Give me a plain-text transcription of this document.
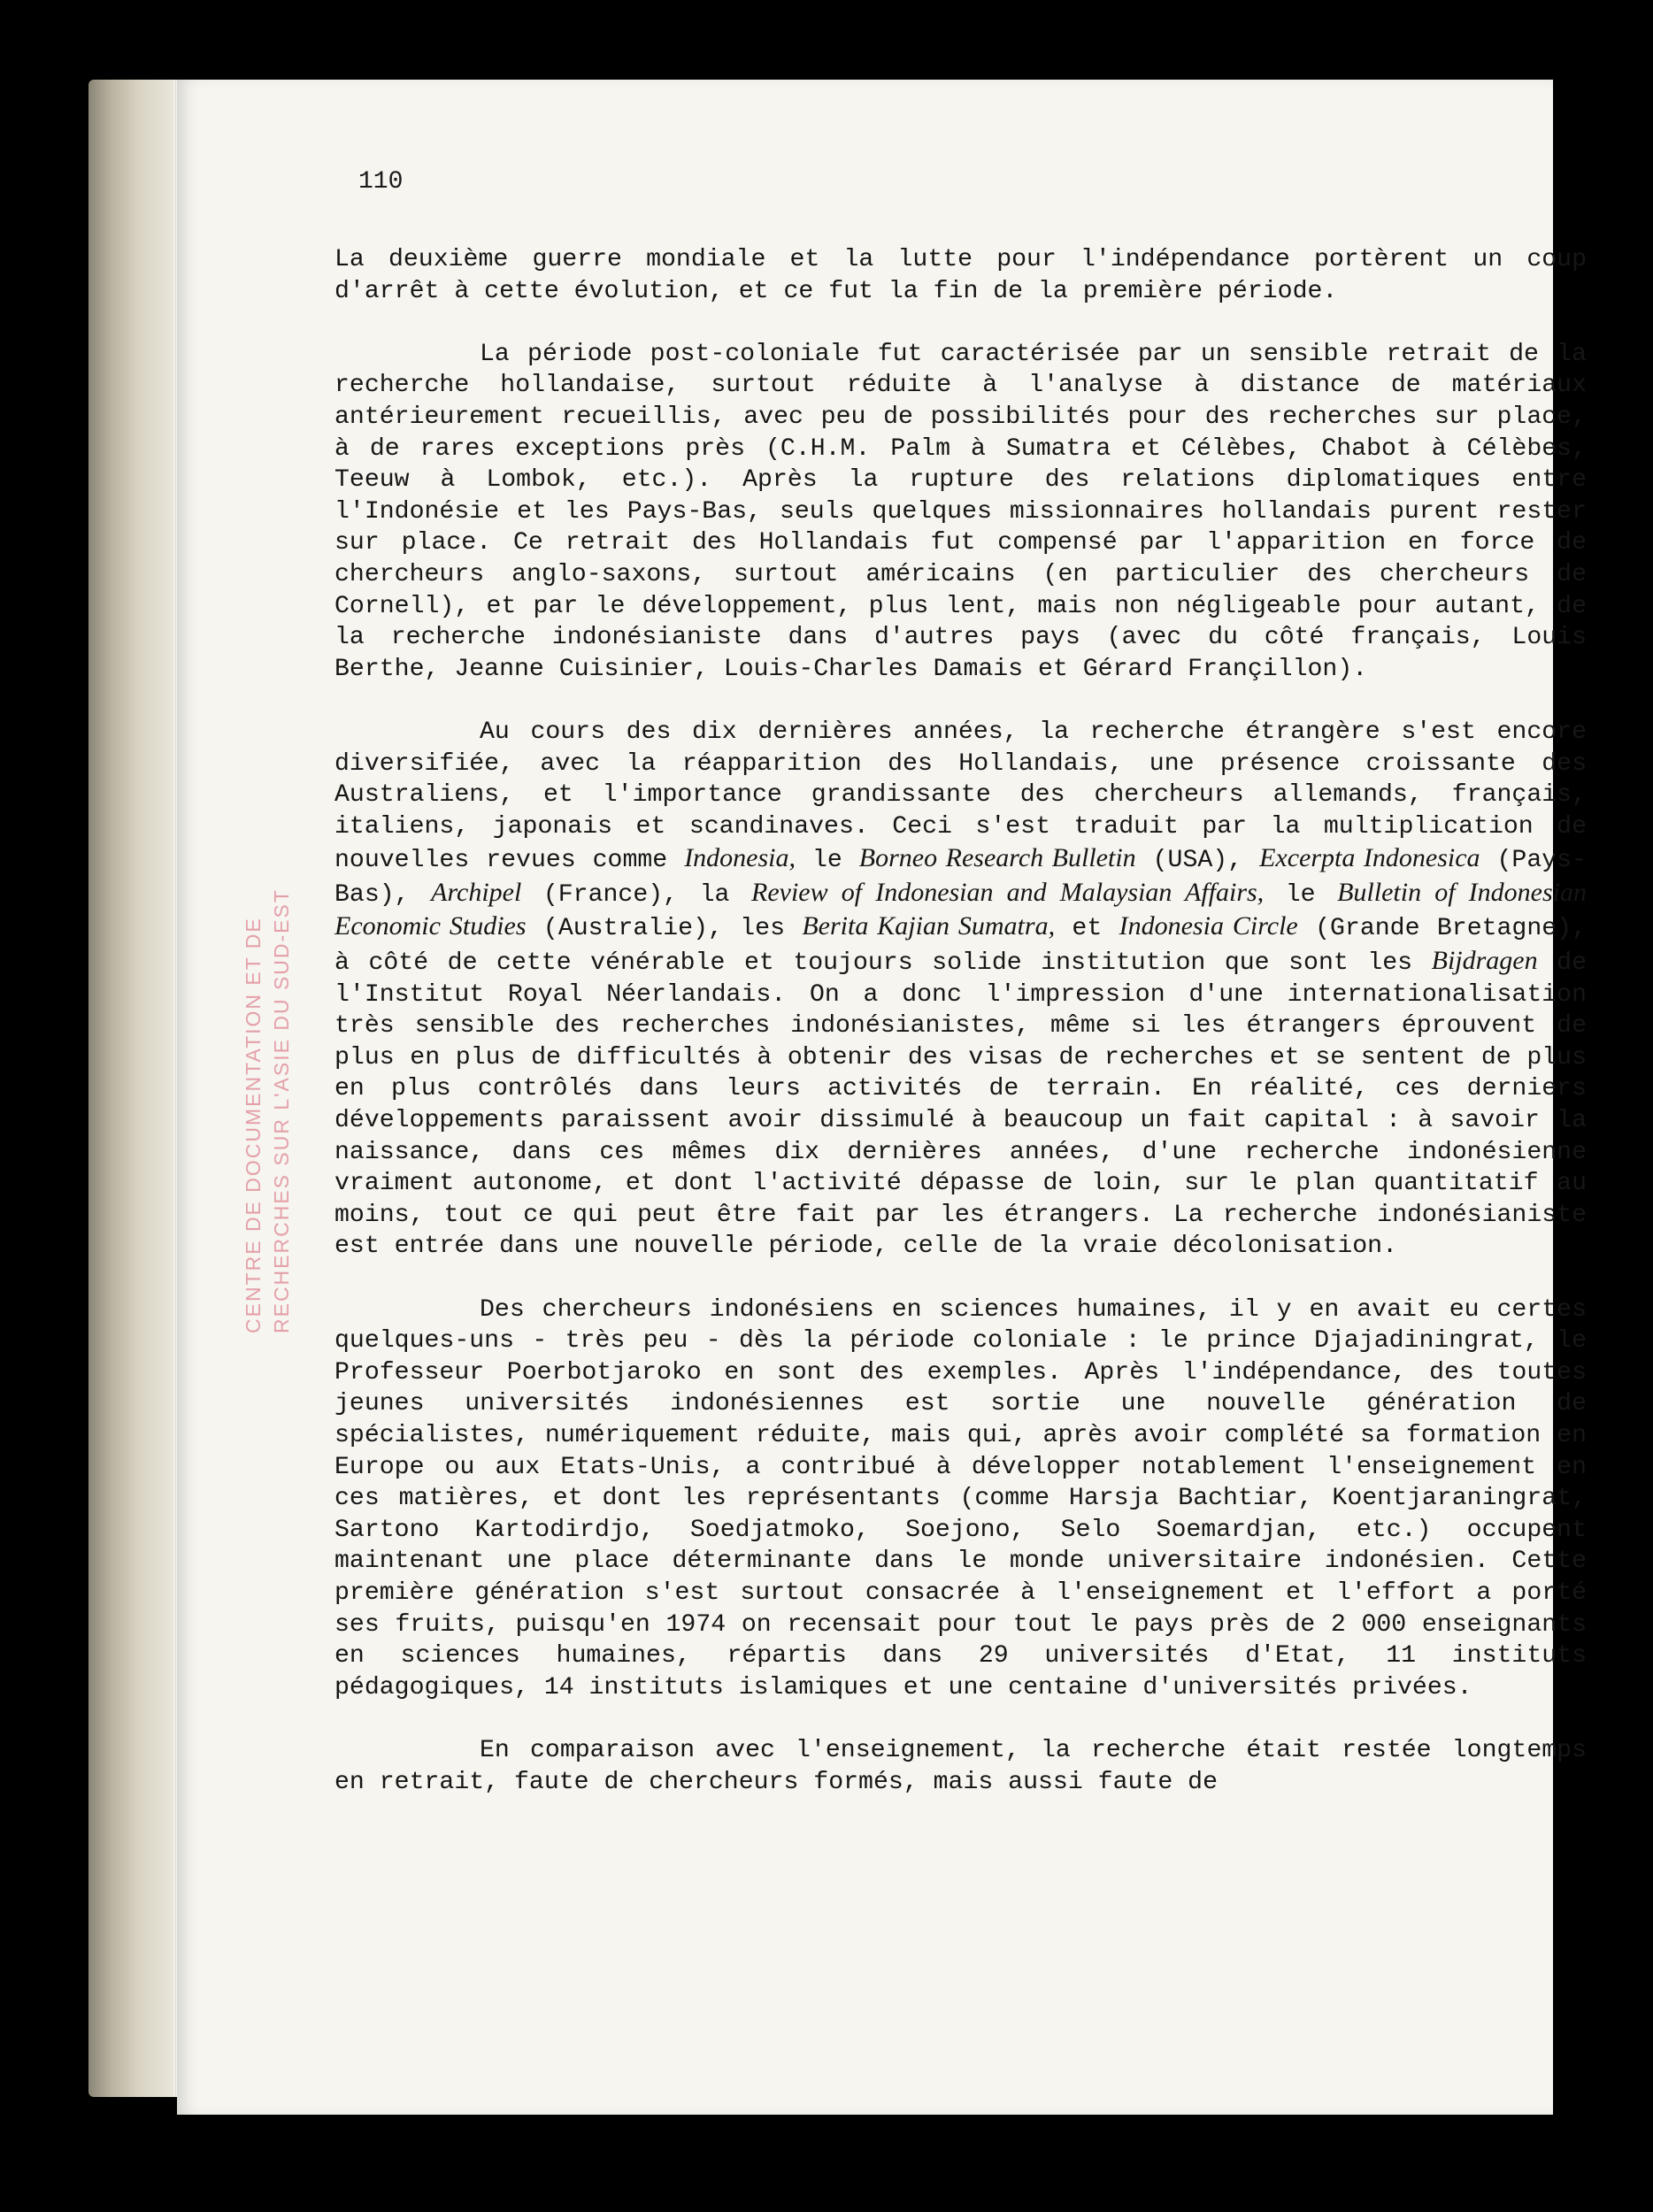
110

CENTRE DE DOCUMENTATION ET DE RECHERCHES SUR L'ASIE DU SUD-EST

La deuxième guerre mondiale et la lutte pour l'indépendance portèrent un coup d'arrêt à cette évolution, et ce fut la fin de la première période.

La période post-coloniale fut caractérisée par un sensible retrait de la recherche hollandaise, surtout réduite à l'analyse à distance de matériaux antérieurement recueillis, avec peu de possibilités pour des recherches sur place, à de rares exceptions près (C.H.M. Palm à Sumatra et Célèbes, Chabot à Célèbes, Teeuw à Lombok, etc.). Après la rupture des relations diplomatiques entre l'Indonésie et les Pays-Bas, seuls quelques missionnaires hollandais purent rester sur place. Ce retrait des Hollandais fut compensé par l'apparition en force de chercheurs anglo-saxons, surtout américains (en particulier des chercheurs de Cornell), et par le développement, plus lent, mais non négligeable pour autant, de la recherche indonésianiste dans d'autres pays (avec du côté français, Louis Berthe, Jeanne Cuisinier, Louis-Charles Damais et Gérard Françillon).

Au cours des dix dernières années, la recherche étrangère s'est encore diversifiée, avec la réapparition des Hollandais, une présence croissante des Australiens, et l'importance grandissante des chercheurs allemands, français, italiens, japonais et scandinaves. Ceci s'est traduit par la multiplication de nouvelles revues comme Indonesia, le Borneo Research Bulletin (USA), Excerpta Indonesica (Pays-Bas), Archipel (France), la Review of Indonesian and Malaysian Affairs, le Bulletin of Indonesian Economic Studies (Australie), les Berita Kajian Sumatra, et Indonesia Circle (Grande Bretagne), à côté de cette vénérable et toujours solide institution que sont les Bijdragen de l'Institut Royal Néerlandais. On a donc l'impression d'une internationalisation très sensible des recherches indonésianistes, même si les étrangers éprouvent de plus en plus de difficultés à obtenir des visas de recherches et se sentent de plus en plus contrôlés dans leurs activités de terrain. En réalité, ces derniers développements paraissent avoir dissimulé à beaucoup un fait capital : à savoir la naissance, dans ces mêmes dix dernières années, d'une recherche indonésienne vraiment autonome, et dont l'activité dépasse de loin, sur le plan quantitatif au moins, tout ce qui peut être fait par les étrangers. La recherche indonésianiste est entrée dans une nouvelle période, celle de la vraie décolonisation.

Des chercheurs indonésiens en sciences humaines, il y en avait eu certes quelques-uns - très peu - dès la période coloniale : le prince Djajadiningrat, le Professeur Poerbotjaroko en sont des exemples. Après l'indépendance, des toutes jeunes universités indonésiennes est sortie une nouvelle génération de spécialistes, numériquement réduite, mais qui, après avoir complété sa formation en Europe ou aux Etats-Unis, a contribué à développer notablement l'enseignement en ces matières, et dont les représentants (comme Harsja Bachtiar, Koentjaraningrat, Sartono Kartodirdjo, Soedjatmoko, Soejono, Selo Soemardjan, etc.) occupent maintenant une place déterminante dans le monde universitaire indonésien. Cette première génération s'est surtout consacrée à l'enseignement et l'effort a porté ses fruits, puisqu'en 1974 on recensait pour tout le pays près de 2 000 enseignants en sciences humaines, répartis dans 29 universités d'Etat, 11 instituts pédagogiques, 14 instituts islamiques et une centaine d'universités privées.

En comparaison avec l'enseignement, la recherche était restée longtemps en retrait, faute de chercheurs formés, mais aussi faute de
